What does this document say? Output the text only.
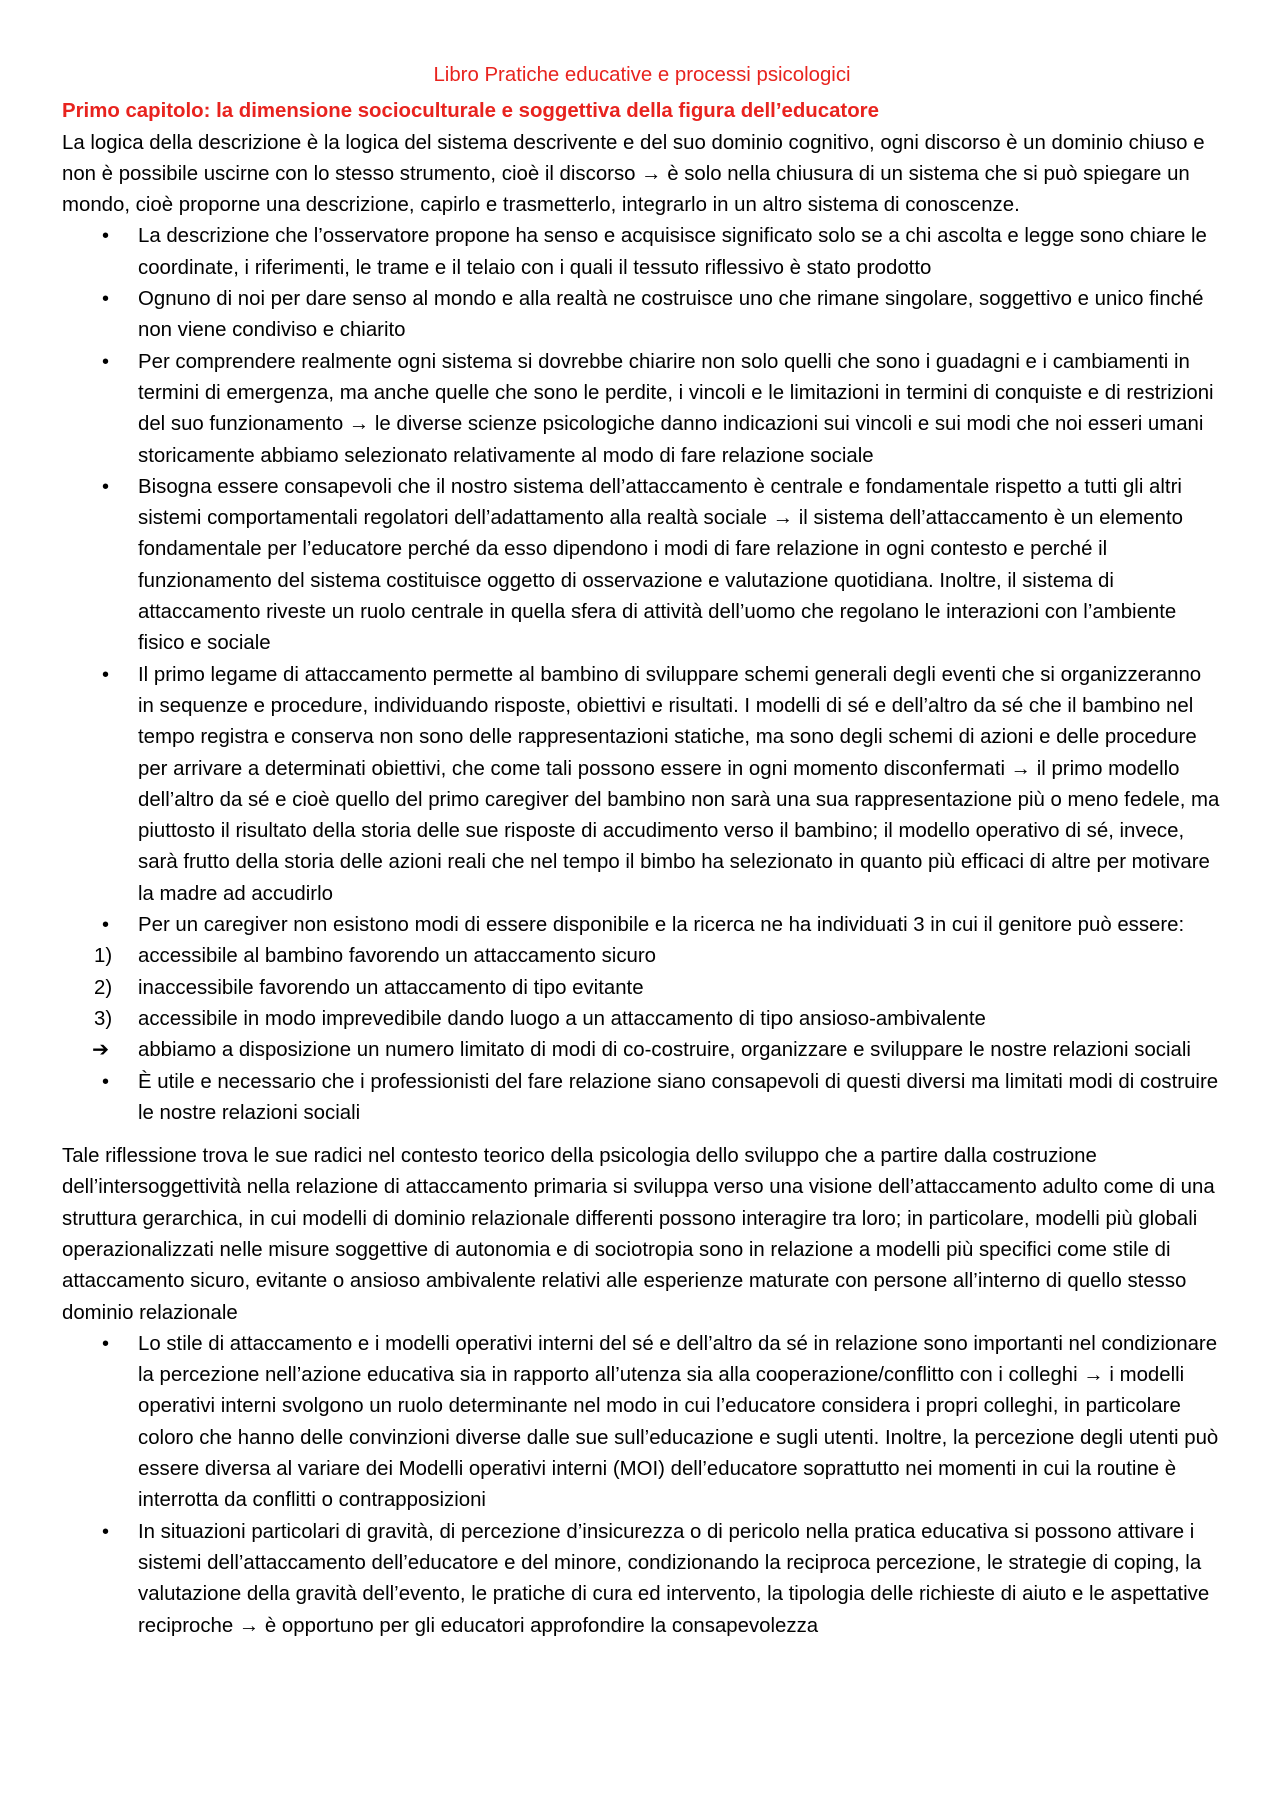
Libro Pratiche educative e processi psicologici
Primo capitolo: la dimensione socioculturale e soggettiva della figura dell’educatore

La logica della descrizione è la logica del sistema descrivente e del suo dominio cognitivo, ogni discorso è un dominio chiuso e non è possibile uscirne con lo stesso strumento, cioè il discorso → è solo nella chiusura di un sistema che si può spiegare un mondo, cioè proporne una descrizione, capirlo e trasmetterlo, integrarlo in un altro sistema di conoscenze.

•	La descrizione che l’osservatore propone ha senso e acquisisce significato solo se a chi ascolta e legge sono chiare le coordinate, i riferimenti, le trame e il telaio con i quali il tessuto riflessivo è stato prodotto
•	Ognuno di noi per dare senso al mondo e alla realtà ne costruisce uno che rimane singolare, soggettivo e unico finché non viene condiviso e chiarito
•	Per comprendere realmente ogni sistema si dovrebbe chiarire non solo quelli che sono i guadagni e i cambiamenti in termini di emergenza, ma anche quelle che sono le perdite, i vincoli e le limitazioni in termini di conquiste e di restrizioni del suo funzionamento → le diverse scienze psicologiche danno indicazioni sui vincoli e sui modi che noi esseri umani storicamente abbiamo selezionato relativamente al modo di fare relazione sociale
•	Bisogna essere consapevoli che il nostro sistema dell’attaccamento è centrale e fondamentale rispetto a tutti gli altri sistemi comportamentali regolatori dell’adattamento alla realtà sociale → il sistema dell’attaccamento è un elemento fondamentale per l’educatore perché da esso dipendono i modi di fare relazione in ogni contesto e perché il funzionamento del sistema costituisce oggetto di osservazione e valutazione quotidiana. Inoltre, il sistema di attaccamento riveste un ruolo centrale in quella sfera di attività dell’uomo che regolano le interazioni con l’ambiente fisico e sociale
•	Il primo legame di attaccamento permette al bambino di sviluppare schemi generali degli eventi che si organizzeranno in sequenze e procedure, individuando risposte, obiettivi e risultati. I modelli di sé e dell’altro da sé che il bambino nel tempo registra e conserva non sono delle rappresentazioni statiche, ma sono degli schemi di azioni e delle procedure per arrivare a determinati obiettivi, che come tali possono essere in ogni momento disconfermati → il primo modello dell’altro da sé e cioè quello del primo caregiver del bambino non sarà una sua rappresentazione più o meno fedele, ma piuttosto il risultato della storia delle sue risposte di accudimento verso il bambino; il modello operativo di sé, invece, sarà frutto della storia delle azioni reali che nel tempo il bimbo ha selezionato in quanto più efficaci di altre per motivare la madre ad accudirlo
•	Per un caregiver non esistono modi di essere disponibile e la ricerca ne ha individuati 3 in cui il genitore può essere:
1)	accessibile al bambino favorendo un attaccamento sicuro
2)	inaccessibile favorendo un attaccamento di tipo evitante
3)	accessibile in modo imprevedibile dando luogo a un attaccamento di tipo ansioso-ambivalente
➔	abbiamo a disposizione un numero limitato di modi di co-costruire, organizzare e sviluppare le nostre relazioni sociali
•	È utile e necessario che i professionisti del fare relazione siano consapevoli di questi diversi ma limitati modi di costruire le nostre relazioni sociali

Tale riflessione trova le sue radici nel contesto teorico della psicologia dello sviluppo che a partire dalla costruzione dell’intersoggettività nella relazione di attaccamento primaria si sviluppa verso una visione dell’attaccamento adulto come di una struttura gerarchica, in cui modelli di dominio relazionale differenti possono interagire tra loro; in particolare, modelli più globali operazionalizzati nelle misure soggettive di autonomia e di sociotropia sono in relazione a modelli più specifici come stile di attaccamento sicuro, evitante o ansioso ambivalente relativi alle esperienze maturate con persone all’interno di quello stesso dominio relazionale

•	Lo stile di attaccamento e i modelli operativi interni del sé e dell’altro da sé in relazione sono importanti nel condizionare la percezione nell’azione educativa sia in rapporto all’utenza sia alla cooperazione/conflitto con i colleghi → i modelli operativi interni svolgono un ruolo determinante nel modo in cui l’educatore considera i propri colleghi, in particolare coloro che hanno delle convinzioni diverse dalle sue sull’educazione e sugli utenti. Inoltre, la percezione degli utenti può essere diversa al variare dei Modelli operativi interni (MOI) dell’educatore soprattutto nei momenti in cui la routine è interrotta da conflitti o contrapposizioni
•	In situazioni particolari di gravità, di percezione d’insicurezza o di pericolo nella pratica educativa si possono attivare i sistemi dell’attaccamento dell’educatore e del minore, condizionando la reciproca percezione, le strategie di coping, la valutazione della gravità dell’evento, le pratiche di cura ed intervento, la tipologia delle richieste di aiuto e le aspettative reciproche → è opportuno per gli educatori approfondire la consapevolezza
